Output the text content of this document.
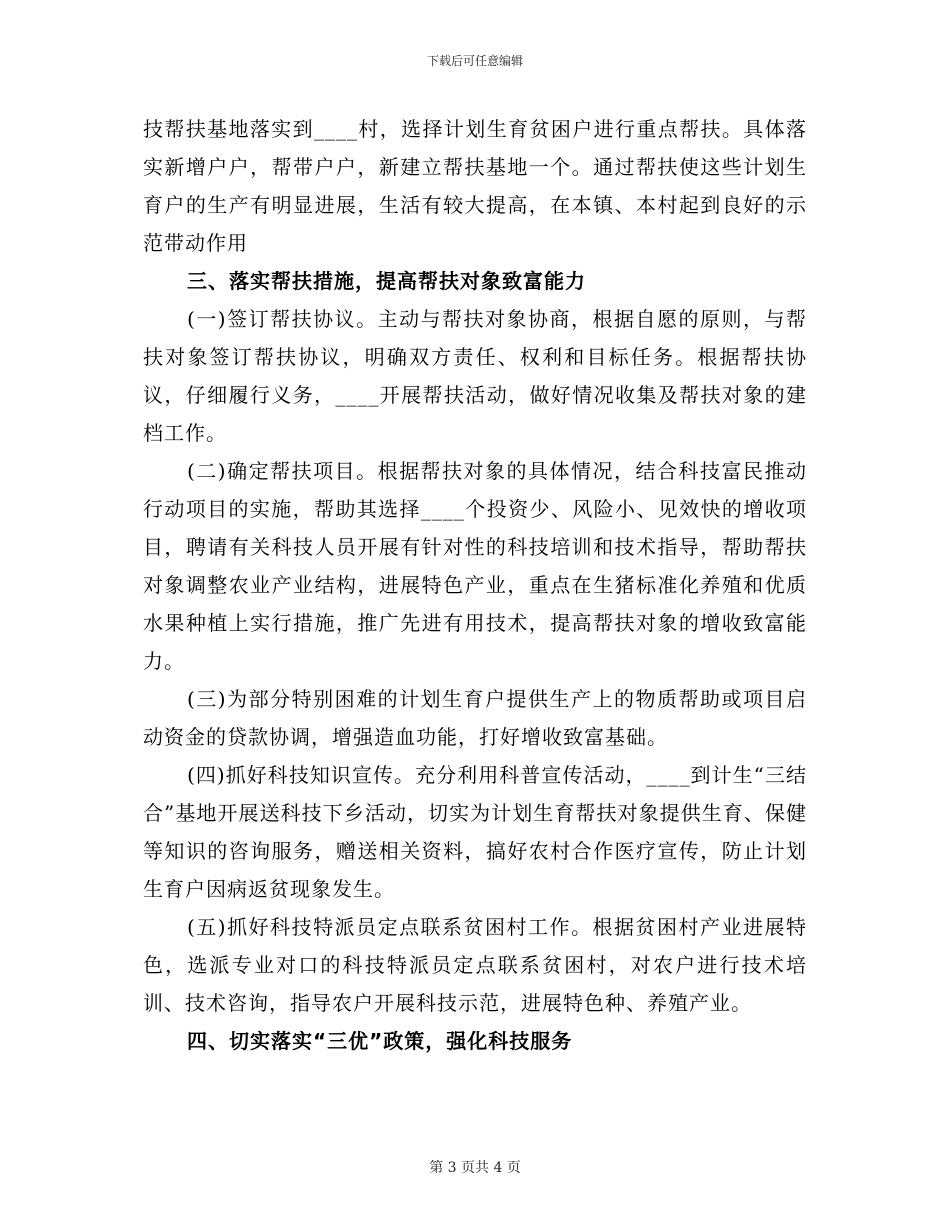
下载后可任意编辑

技帮扶基地落实到____村，选择计划生育贫困户进行重点帮扶。具体落实新增户户，帮带户户，新建立帮扶基地一个。通过帮扶使这些计划生育户的生产有明显进展，生活有较大提高，在本镇、本村起到良好的示范带动作用

三、落实帮扶措施，提高帮扶对象致富能力

(一)签订帮扶协议。主动与帮扶对象协商，根据自愿的原则，与帮扶对象签订帮扶协议，明确双方责任、权利和目标任务。根据帮扶协议，仔细履行义务，____开展帮扶活动，做好情况收集及帮扶对象的建档工作。

(二)确定帮扶项目。根据帮扶对象的具体情况，结合科技富民推动行动项目的实施，帮助其选择____个投资少、风险小、见效快的增收项目，聘请有关科技人员开展有针对性的科技培训和技术指导，帮助帮扶对象调整农业产业结构，进展特色产业，重点在生猪标准化养殖和优质水果种植上实行措施，推广先进有用技术，提高帮扶对象的增收致富能力。

(三)为部分特别困难的计划生育户提供生产上的物质帮助或项目启动资金的贷款协调，增强造血功能，打好增收致富基础。

(四)抓好科技知识宣传。充分利用科普宣传活动，____到计生“三结合”基地开展送科技下乡活动，切实为计划生育帮扶对象提供生育、保健等知识的咨询服务，赠送相关资料，搞好农村合作医疗宣传，防止计划生育户因病返贫现象发生。

(五)抓好科技特派员定点联系贫困村工作。根据贫困村产业进展特色，选派专业对口的科技特派员定点联系贫困村，对农户进行技术培训、技术咨询，指导农户开展科技示范，进展特色种、养殖产业。

四、切实落实“三优”政策，强化科技服务

第 3 页共 4 页
